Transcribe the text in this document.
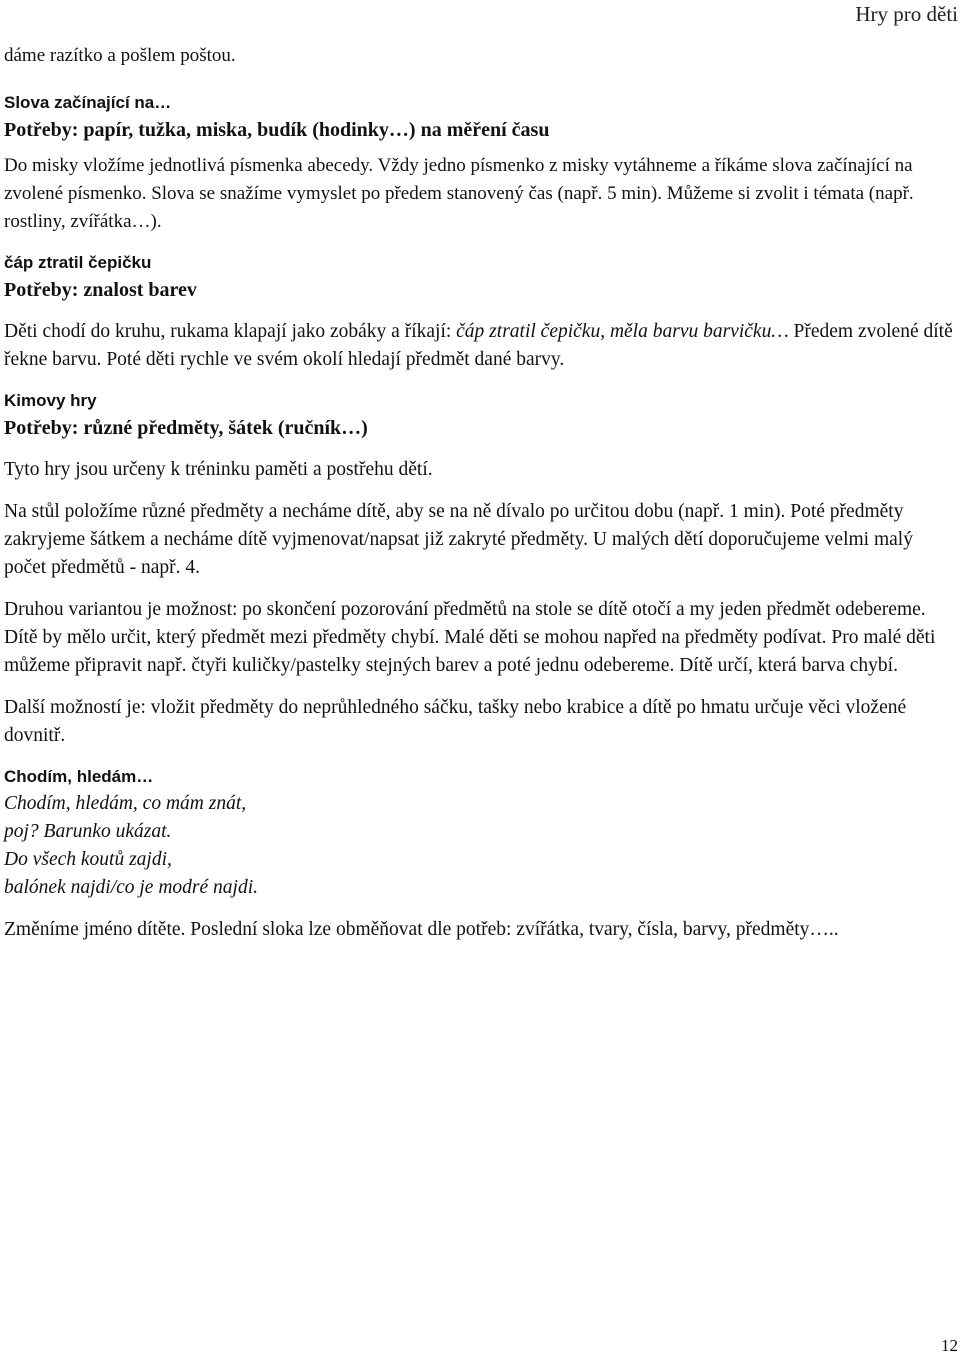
Hry pro děti

dáme razítko a pošlem poštou.

Slova začínající na…

Potřeby: papír, tužka, miska, budík (hodinky…) na měření času

Do misky vložíme jednotlivá písmenka abecedy. Vždy jedno písmenko z misky vytáhneme a říkáme slova začínající na zvolené písmenko. Slova se snažíme vymyslet po předem stanovený čas (např. 5 min). Můžeme si zvolit i témata (např. rostliny, zvířátka…).

čáp ztratil čepičku

Potřeby: znalost barev

Děti chodí do kruhu, rukama klapají jako zobáky a říkají: čáp ztratil čepičku, měla barvu barvičku… Předem zvolené dítě řekne barvu. Poté děti rychle ve svém okolí hledají předmět dané barvy.

Kimovy hry

Potřeby: různé předměty, šátek (ručník…)

Tyto hry jsou určeny k tréninku paměti a postřehu dětí.

Na stůl položíme různé předměty a necháme dítě, aby se na ně dívalo po určitou dobu (např. 1 min). Poté předměty zakryjeme šátkem a necháme dítě vyjmenovat/napsat již zakryté předměty. U malých dětí doporučujeme velmi malý počet předmětů - např. 4.

Druhou variantou je možnost: po skončení pozorování předmětů na stole se dítě otočí a my jeden předmět odebereme. Dítě by mělo určit, který předmět mezi předměty chybí. Malé děti se mohou napřed na předměty podívat. Pro malé děti můžeme připravit např. čtyři kuličky/pastelky stejných barev a poté jednu odebereme. Dítě určí, která barva chybí.

Další možností je: vložit předměty do neprůhledného sáčku, tašky nebo krabice a dítě po hmatu určuje věci vložené dovnitř.

Chodím, hledám…

Chodím, hledám, co mám znát,

poj? Barunko ukázat.

Do všech koutů zajdi,

balónek najdi/co je modré najdi.

Změníme jméno dítěte. Poslední sloka lze obměňovat dle potřeb: zvířátka, tvary, čísla, barvy, předměty…..

12
